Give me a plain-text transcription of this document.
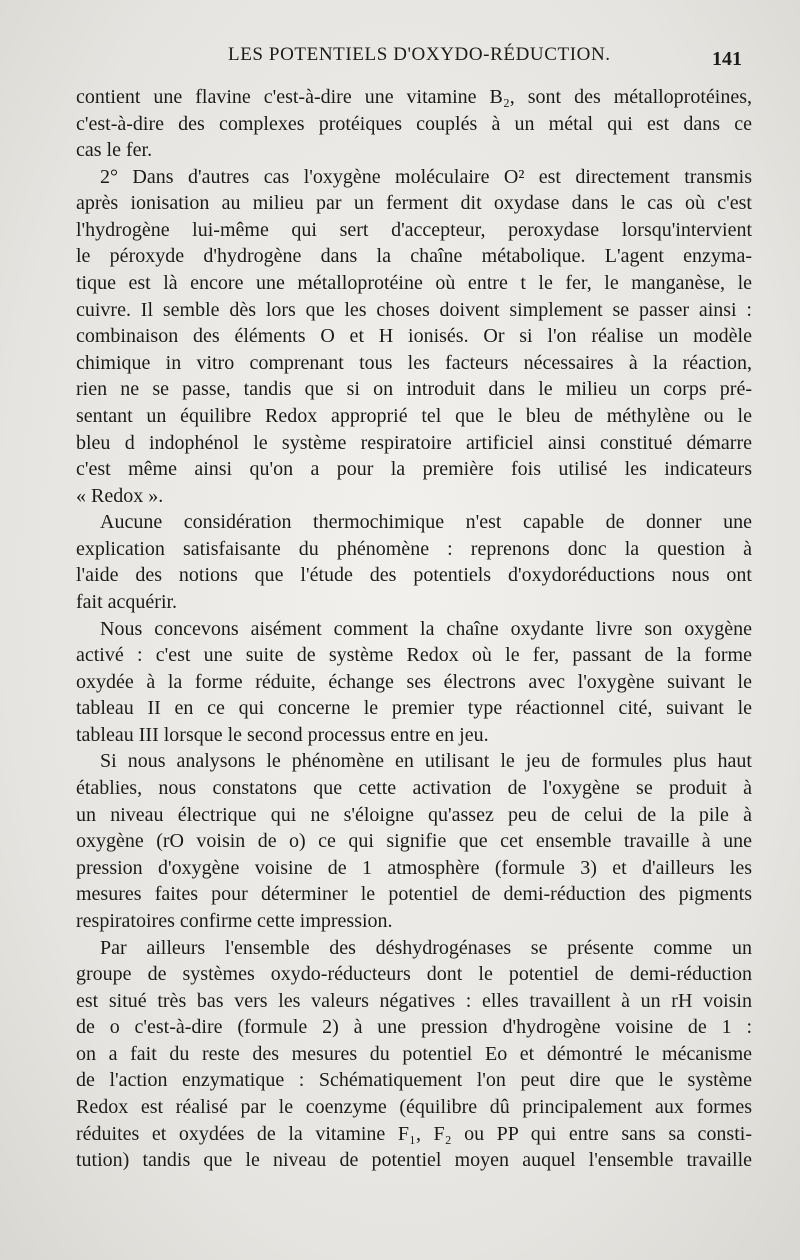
LES POTENTIELS D'OXYDO-RÉDUCTION.	141
contient une flavine c'est-à-dire une vitamine B₂, sont des métalloprotéines,
c'est-à-dire des complexes protéiques couplés à un métal qui est dans ce
cas le fer.
2° Dans d'autres cas l'oxygène moléculaire O² est directement transmis
après ionisation au milieu par un ferment dit oxydase dans le cas où c'est
l'hydrogène lui-même qui sert d'accepteur, peroxydase lorsqu'intervient
le péroxyde d'hydrogène dans la chaîne métabolique. L'agent enzyma-
tique est là encore une métalloprotéine où entre t le fer, le manganèse, le
cuivre. Il semble dès lors que les choses doivent simplement se passer ainsi :
combinaison des éléments O et H ionisés. Or si l'on réalise un modèle
chimique in vitro comprenant tous les facteurs nécessaires à la réaction,
rien ne se passe, tandis que si on introduit dans le milieu un corps pré-
sentant un équilibre Redox approprié tel que le bleu de méthylène ou le
bleu d indophénol le système respiratoire artificiel ainsi constitué démarre
c'est même ainsi qu'on a pour la première fois utilisé les indicateurs
« Redox ».
Aucune considération thermochimique n'est capable de donner une
explication satisfaisante du phénomène : reprenons donc la question à
l'aide des notions que l'étude des potentiels d'oxydoréductions nous ont
fait acquérir.
Nous concevons aisément comment la chaîne oxydante livre son oxygène
activé : c'est une suite de système Redox où le fer, passant de la forme
oxydée à la forme réduite, échange ses électrons avec l'oxygène suivant le
tableau II en ce qui concerne le premier type réactionnel cité, suivant le
tableau III lorsque le second processus entre en jeu.
Si nous analysons le phénomène en utilisant le jeu de formules plus haut
établies, nous constatons que cette activation de l'oxygène se produit à
un niveau électrique qui ne s'éloigne qu'assez peu de celui de la pile à
oxygène (rO voisin de o) ce qui signifie que cet ensemble travaille à une
pression d'oxygène voisine de 1 atmosphère (formule 3) et d'ailleurs les
mesures faites pour déterminer le potentiel de demi-réduction des pigments
respiratoires confirme cette impression.
Par ailleurs l'ensemble des déshydrogénases se présente comme un
groupe de systèmes oxydo-réducteurs dont le potentiel de demi-réduction
est situé très bas vers les valeurs négatives : elles travaillent à un rH voisin
de o c'est-à-dire (formule 2) à une pression d'hydrogène voisine de 1 :
on a fait du reste des mesures du potentiel Eo et démontré le mécanisme
de l'action enzymatique : Schématiquement l'on peut dire que le système
Redox est réalisé par le coenzyme (équilibre dû principalement aux formes
réduites et oxydées de la vitamine F₁, F₂ ou PP qui entre sans sa consti-
tution) tandis que le niveau de potentiel moyen auquel l'ensemble travaille
